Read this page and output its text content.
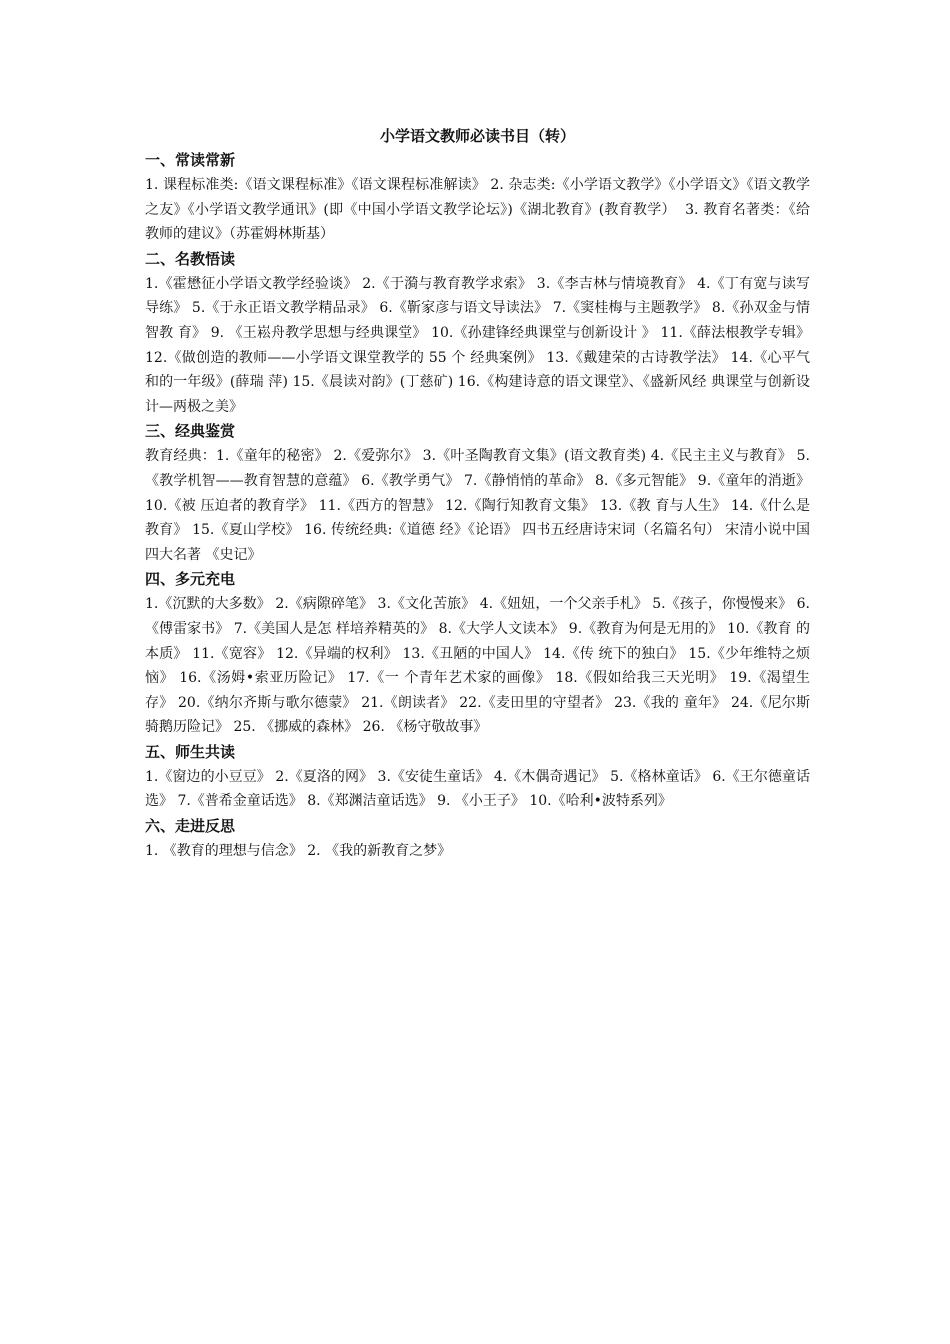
小学语文教师必读书目（转）
一、常读常新

1. 课程标准类:《语文课程标准》《语文课程标准解读》 2. 杂志类:《小学语文教学》《小学语文》《语文教学之友》《小学语文教学通讯》(即《中国小学语文教学论坛》)《湖北教育》(教育教学）  3. 教育名著类：《给教师的建议》（苏霍姆林斯基）

二、名教悟读

1.《霍懋征小学语文教学经验谈》 2.《于漪与教育教学求索》 3.《李吉林与情境教育》 4.《丁有宽与读写导练》 5.《于永正语文教学精品录》 6.《靳家彦与语文导读法》 7.《窦桂梅与主题教学》 8.《孙双金与情智教 育》 9. 《王崧舟教学思想与经典课堂》 10.《孙建锋经典课堂与创新设计 》 11.《薛法根教学专辑》 12.《做创造的教师——小学语文课堂教学的 55 个 经典案例》 13.《戴建荣的古诗教学法》 14.《心平气和的一年级》(薛瑞 萍) 15.《晨读对韵》(丁慈矿) 16.《构建诗意的语文课堂》、《盛新风经 典课堂与创新设计—两极之美》

三、经典鉴赏

教育经典：1.《童年的秘密》 2.《爱弥尔》 3.《叶圣陶教育文集》(语文教育类) 4.《民主主义与教育》 5.《教学机智——教育智慧的意蕴》 6.《教学勇气》 7.《静悄悄的革命》 8.《多元智能》 9.《童年的消逝》 10.《被 压迫者的教育学》 11.《西方的智慧》 12.《陶行知教育文集》 13.《教 育与人生》 14.《什么是教育》 15.《夏山学校》 16. 传统经典:《道德 经》《论语》 四书五经唐诗宋词（名篇名句） 宋清小说中国四大名著 《史记》

四、多元充电

1.《沉默的大多数》 2.《病隙碎笔》 3.《文化苦旅》 4.《妞妞，一个父亲手札》 5.《孩子，你慢慢来》 6.《傅雷家书》 7.《美国人是怎 样培养精英的》 8.《大学人文读本》 9.《教育为何是无用的》 10.《教育 的本质》 11.《宽容》 12.《异端的权利》 13.《丑陋的中国人》 14.《传 统下的独白》 15.《少年维特之烦恼》 16.《汤姆•索亚历险记》 17.《一 个青年艺术家的画像》 18.《假如给我三天光明》 19.《渴望生存》 20.《纳尔齐斯与歌尔德蒙》 21.《朗读者》 22.《麦田里的守望者》 23.《我的 童年》 24.《尼尔斯骑鹅历险记》 25. 《挪威的森林》 26. 《杨守敬故事》

五、师生共读

1.《窗边的小豆豆》 2.《夏洛的网》 3.《安徒生童话》 4.《木偶奇遇记》 5.《格林童话》 6.《王尔德童话选》 7.《普希金童话选》 8.《郑渊洁童话选》 9. 《小王子》 10.《哈利•波特系列》

六、走进反思

1. 《教育的理想与信念》 2. 《我的新教育之梦》
